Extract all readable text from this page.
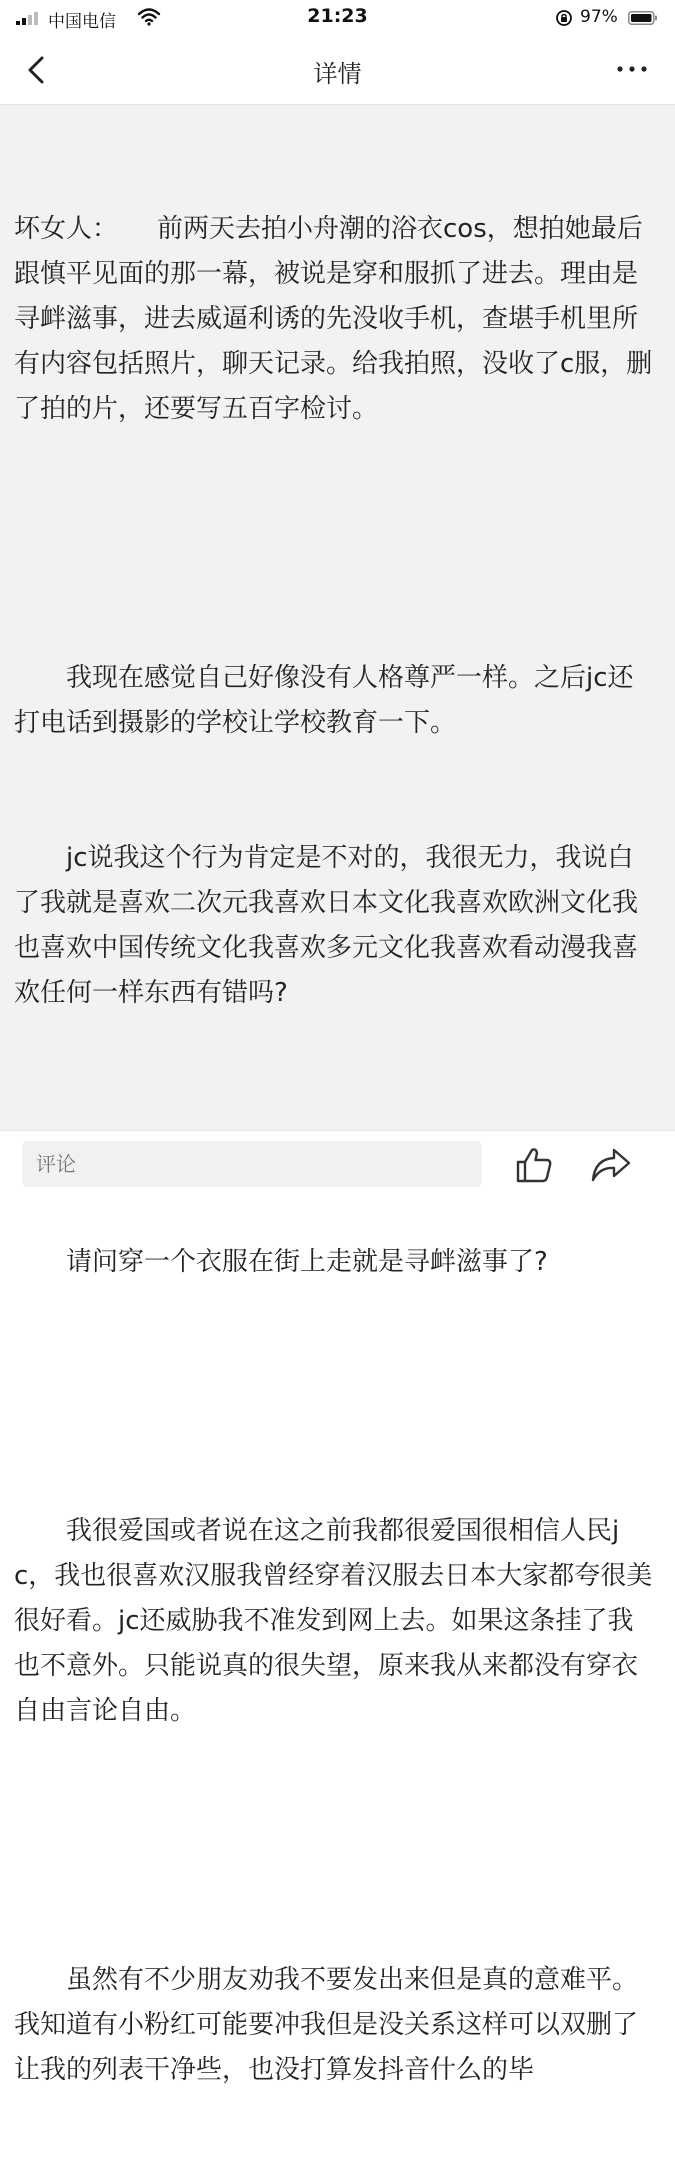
中国电信	21:23	97%
详情

坏女人：　　前两天去拍小舟潮的浴衣cos，想拍她最后跟慎平见面的那一幕，被说是穿和服抓了进去。理由是寻衅滋事，进去威逼利诱的先没收手机，查堪手机里所有内容包括照片，聊天记录。给我拍照，没收了c服，删了拍的片，还要写五百字检讨。

　　我现在感觉自己好像没有人格尊严一样。之后jc还打电话到摄影的学校让学校教育一下。

　　jc说我这个行为肯定是不对的，我很无力，我说白了我就是喜欢二次元我喜欢日本文化我喜欢欧洲文化我也喜欢中国传统文化我喜欢多元文化我喜欢看动漫我喜欢任何一样东西有错吗?

　　请问穿一个衣服在街上走就是寻衅滋事了?

　　我很爱国或者说在这之前我都很爱国很相信人民jc，我也很喜欢汉服我曾经穿着汉服去日本大家都夸很美很好看。jc还威胁我不准发到网上去。如果这条挂了我也不意外。只能说真的很失望，原来我从来都没有穿衣自由言论自由。

　　虽然有不少朋友劝我不要发出来但是真的意难平。我知道有小粉红可能要冲我但是没关系这样可以双删了让我的列表干净些，也没打算发抖音什么的毕

评论
